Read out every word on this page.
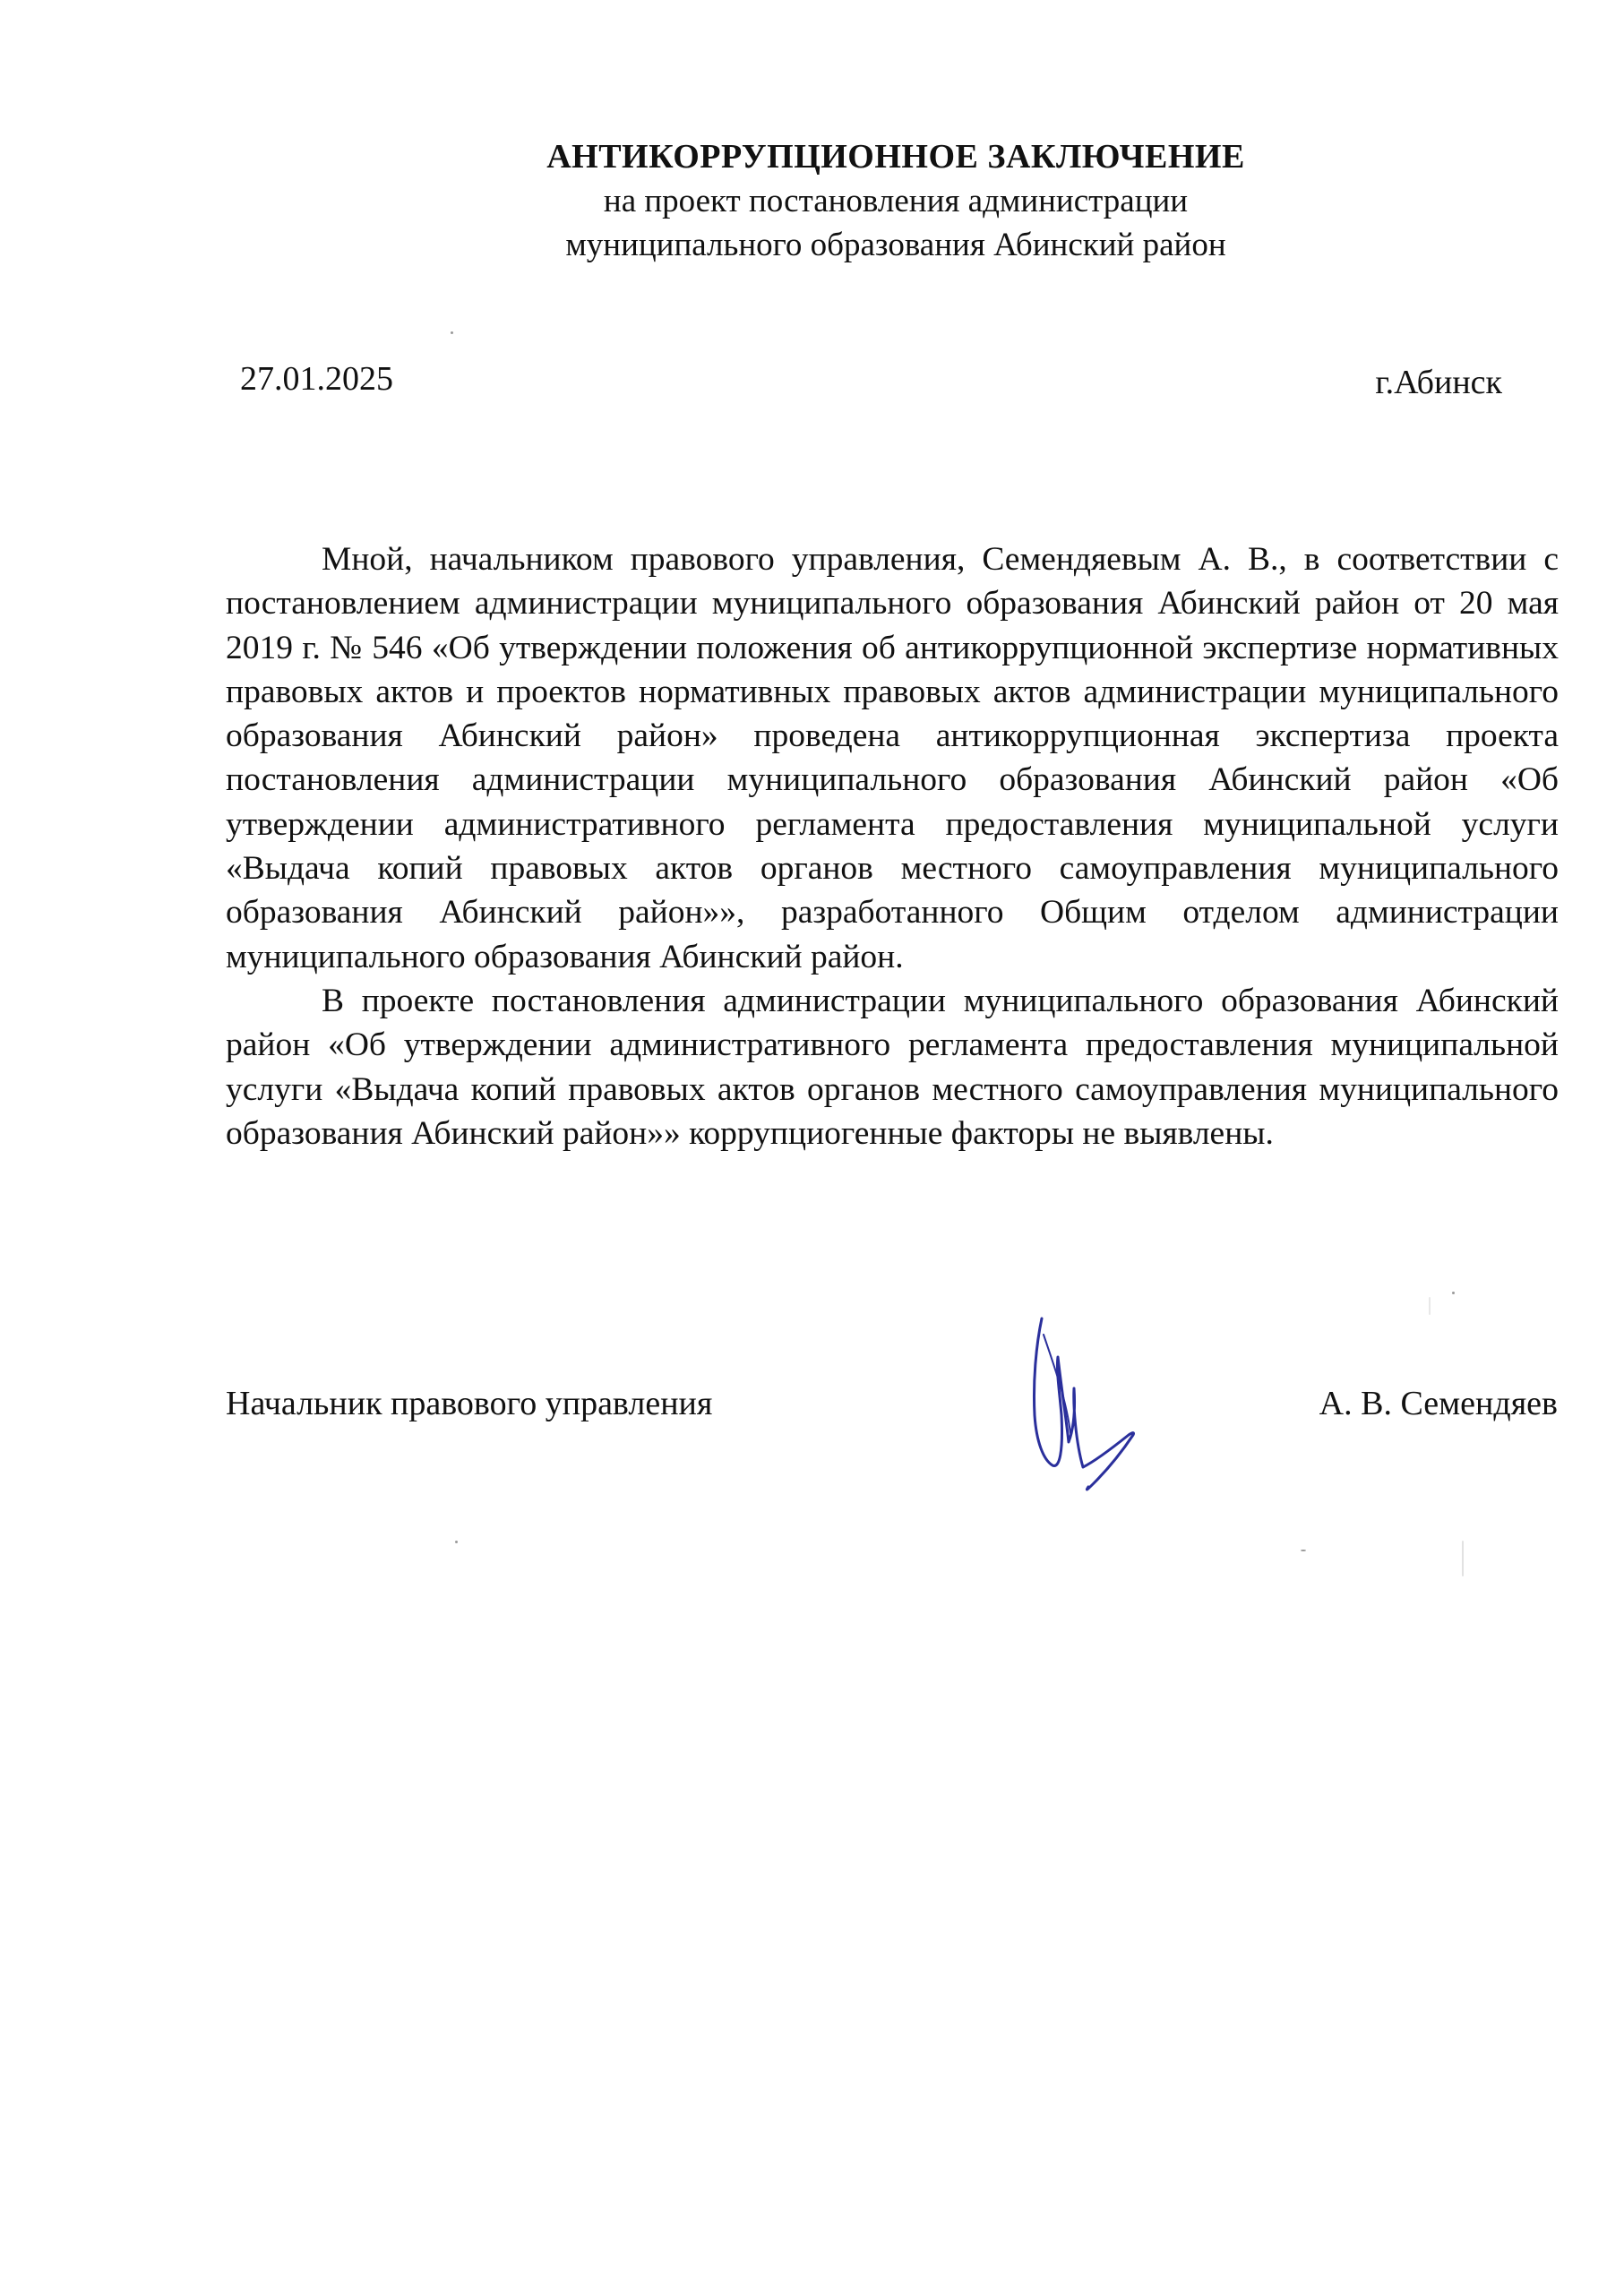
АНТИКОРРУПЦИОННОЕ ЗАКЛЮЧЕНИЕ
на проект постановления администрации
муниципального образования Абинский район
27.01.2025	г.Абинск

Мной, начальником правового управления, Семендяевым А. В., в соответствии с постановлением администрации муниципального образования Абинский район от 20 мая 2019 г. № 546 «Об утверждении положения об антикоррупционной экспертизе нормативных правовых актов и проектов нормативных правовых актов администрации муниципального образования Абинский район» проведена антикоррупционная экспертиза проекта постановления администрации муниципального образования Абинский район «Об утверждении административного регламента предоставления муниципальной услуги «Выдача копий правовых актов органов местного самоуправления муниципального образования Абинский район»», разработанного Общим отделом администрации муниципального образования Абинский район.

В проекте постановления администрации муниципального образования Абинский район «Об утверждении административного регламента предоставления муниципальной услуги «Выдача копий правовых актов органов местного самоуправления муниципального образования Абинский район»» коррупциогенные факторы не выявлены.

Начальник правового управления	А. В. Семендяев
